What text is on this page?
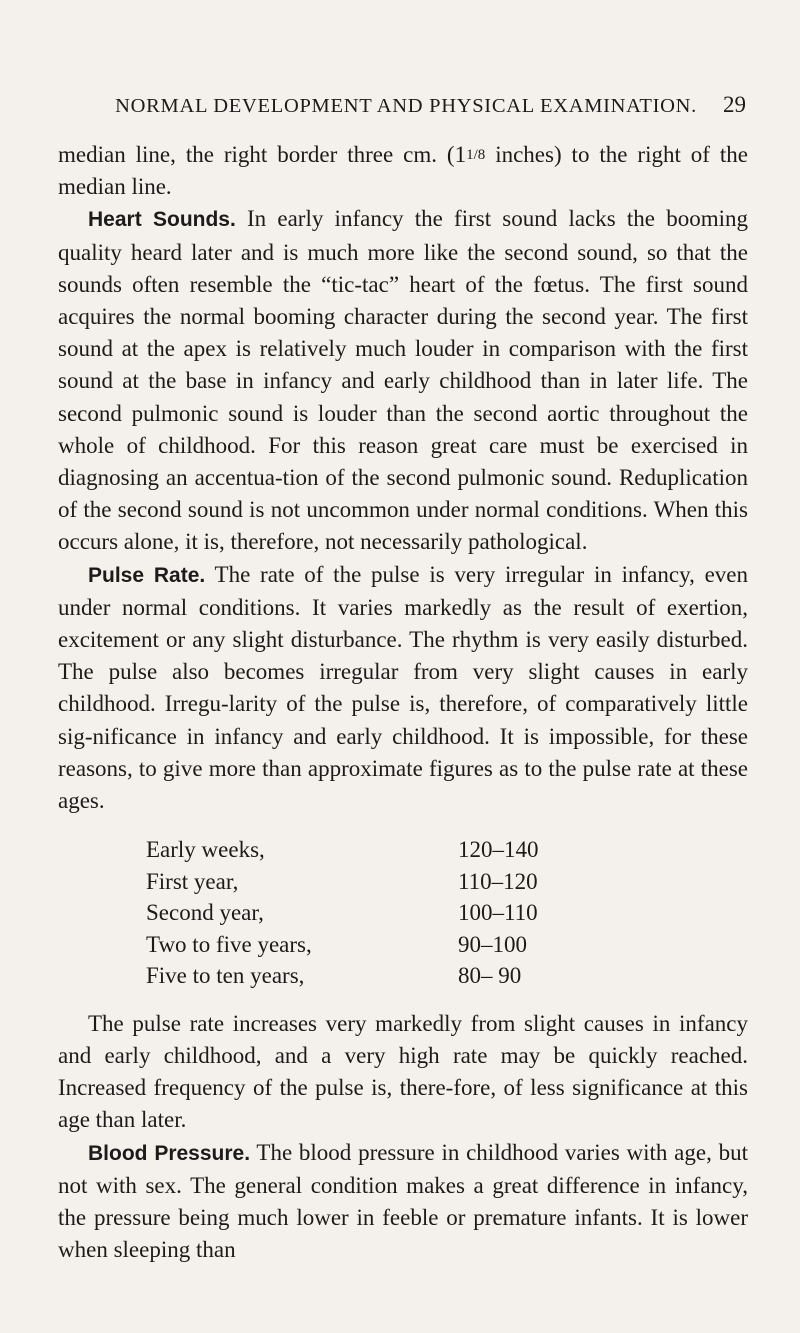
NORMAL DEVELOPMENT AND PHYSICAL EXAMINATION. 29

median line, the right border three cm. (11/8 inches) to the right of the median line.

Heart Sounds. In early infancy the first sound lacks the booming quality heard later and is much more like the second sound, so that the sounds often resemble the “tic-tac” heart of the fœtus. The first sound acquires the normal booming character during the second year. The first sound at the apex is relatively much louder in comparison with the first sound at the base in infancy and early childhood than in later life. The second pulmonic sound is louder than the second aortic throughout the whole of childhood. For this reason great care must be exercised in diagnosing an accentua-tion of the second pulmonic sound. Reduplication of the second sound is not uncommon under normal conditions. When this occurs alone, it is, therefore, not necessarily pathological.

Pulse Rate. The rate of the pulse is very irregular in infancy, even under normal conditions. It varies markedly as the result of exertion, excitement or any slight disturbance. The rhythm is very easily disturbed. The pulse also becomes irregular from very slight causes in early childhood. Irregu-larity of the pulse is, therefore, of comparatively little sig-nificance in infancy and early childhood. It is impossible, for these reasons, to give more than approximate figures as to the pulse rate at these ages.

Early weeks,	120–140
First year,	110–120
Second year,	100–110
Two to five years,	90–100
Five to ten years,	80– 90

The pulse rate increases very markedly from slight causes in infancy and early childhood, and a very high rate may be quickly reached. Increased frequency of the pulse is, there-fore, of less significance at this age than later.

Blood Pressure. The blood pressure in childhood varies with age, but not with sex. The general condition makes a great difference in infancy, the pressure being much lower in feeble or premature infants. It is lower when sleeping than
